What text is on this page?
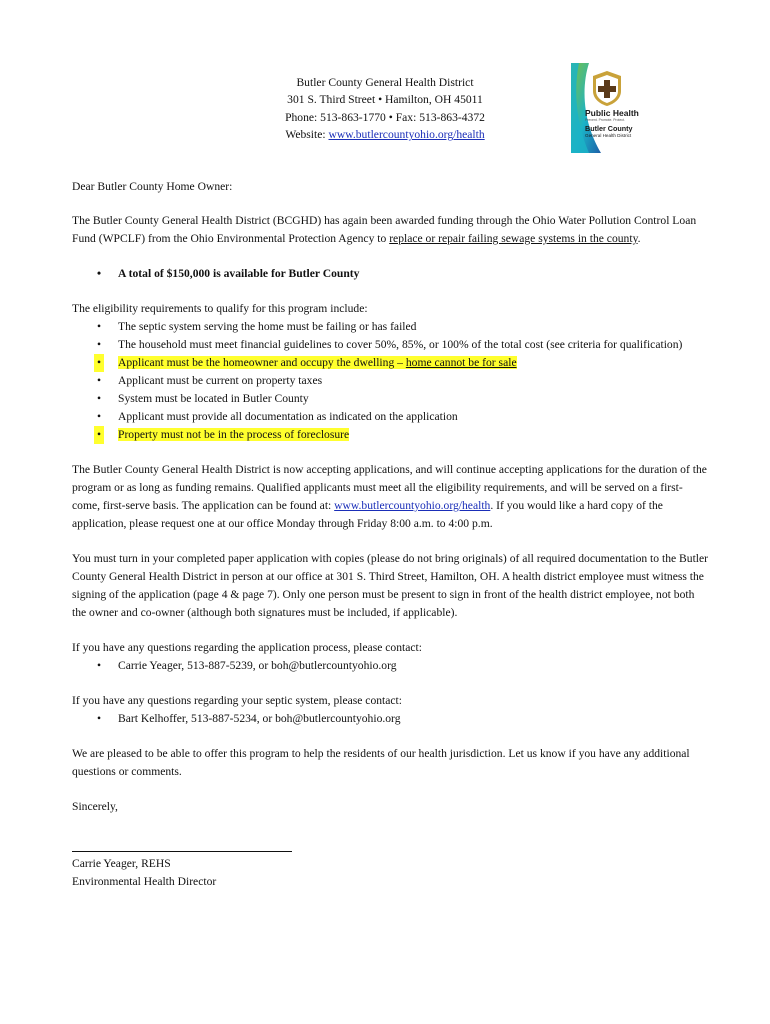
Butler County General Health District
301 S. Third Street • Hamilton, OH 45011
Phone: 513-863-1770 • Fax: 513-863-4372
Website: www.butlercountyohio.org/health
Public Health
Prevent. Promote. Protect.
Butler County
General Health District

Dear Butler County Home Owner:

The Butler County General Health District (BCGHD) has again been awarded funding through the Ohio Water Pollution Control Loan Fund (WPCLF) from the Ohio Environmental Protection Agency to replace or repair failing sewage systems in the county.

• A total of $150,000 is available for Butler County

The eligibility requirements to qualify for this program include:

• The septic system serving the home must be failing or has failed
• The household must meet financial guidelines to cover 50%, 85%, or 100% of the total cost (see criteria for qualification)
• Applicant must be the homeowner and occupy the dwelling – home cannot be for sale
• Applicant must be current on property taxes
• System must be located in Butler County
• Applicant must provide all documentation as indicated on the application
• Property must not be in the process of foreclosure

The Butler County General Health District is now accepting applications, and will continue accepting applications for the duration of the program or as long as funding remains. Qualified applicants must meet all the eligibility requirements, and will be served on a first-come, first-serve basis. The application can be found at: www.butlercountyohio.org/health. If you would like a hard copy of the application, please request one at our office Monday through Friday 8:00 a.m. to 4:00 p.m.

You must turn in your completed paper application with copies (please do not bring originals) of all required documentation to the Butler County General Health District in person at our office at 301 S. Third Street, Hamilton, OH. A health district employee must witness the signing of the application (page 4 & page 7). Only one person must be present to sign in front of the health district employee, not both the owner and co-owner (although both signatures must be included, if applicable).

If you have any questions regarding the application process, please contact:

• Carrie Yeager, 513-887-5239, or boh@butlercountyohio.org

If you have any questions regarding your septic system, please contact:

• Bart Kelhoffer, 513-887-5234, or boh@butlercountyohio.org

We are pleased to be able to offer this program to help the residents of our health jurisdiction. Let us know if you have any additional questions or comments.

Sincerely,

Carrie Yeager, REHS

Environmental Health Director
